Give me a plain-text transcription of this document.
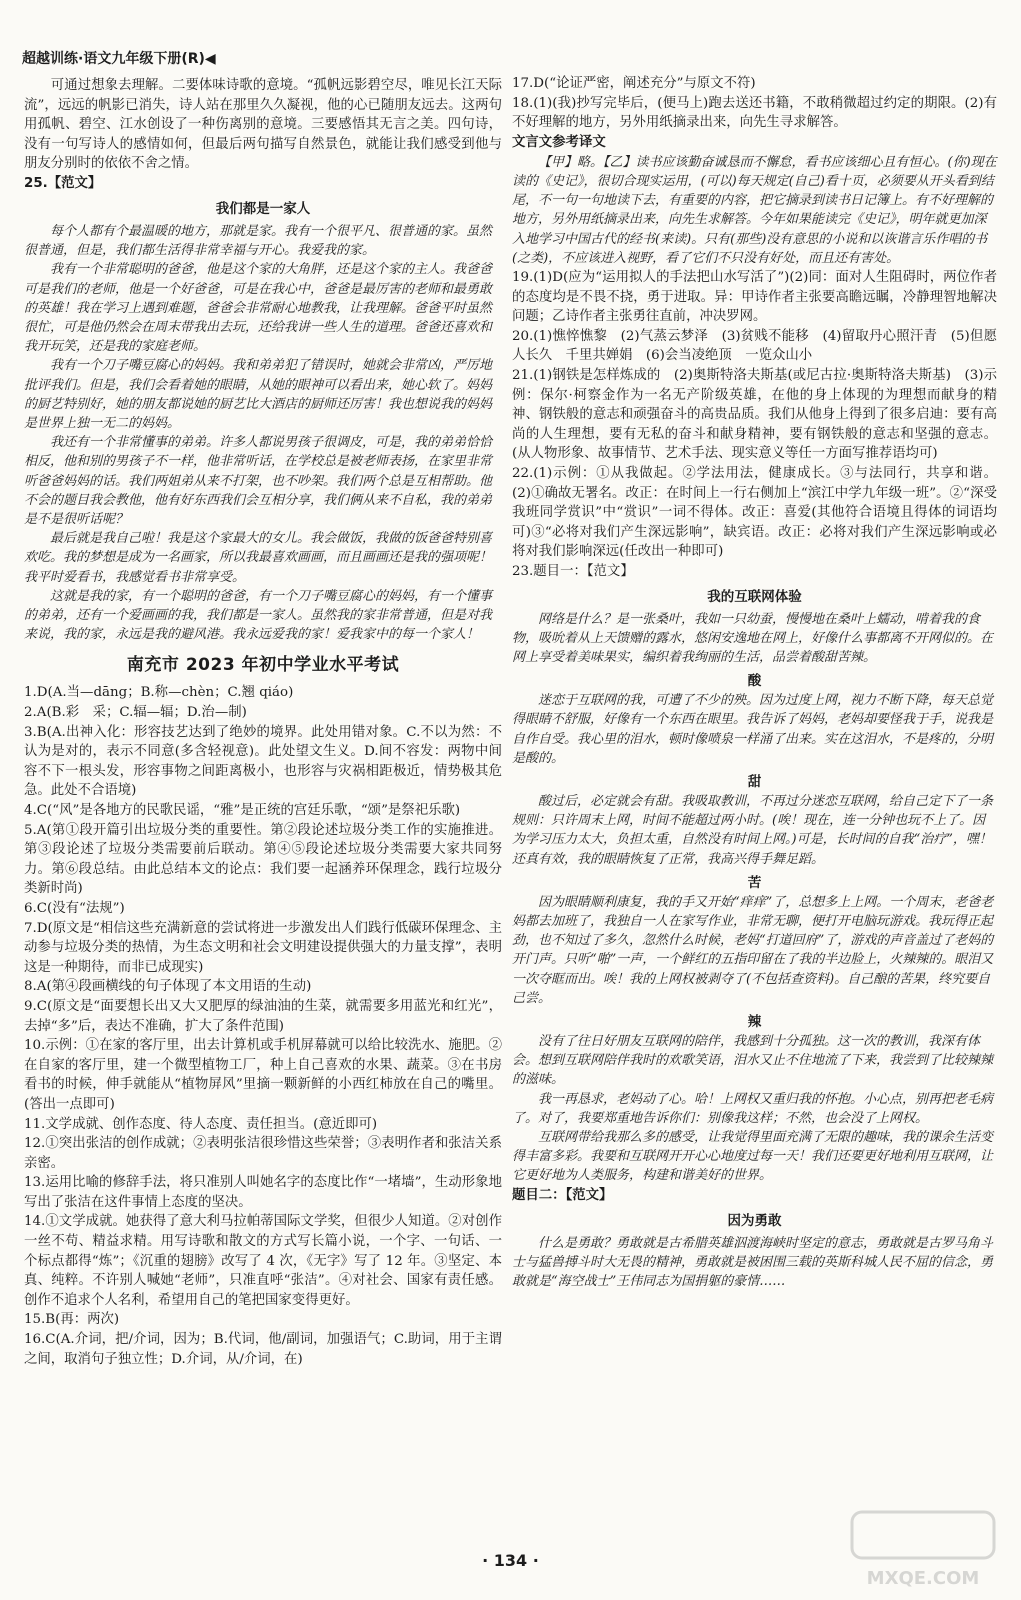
超越训练·语文九年级下册(R)◀

可通过想象去理解。二要体味诗歌的意境。“孤帆远影碧空尽，唯见长江天际流”，远远的帆影已消失，诗人站在那里久久凝视，他的心已随朋友远去。这两句用孤帆、碧空、江水创设了一种伤离别的意境。三要感悟其无言之美。四句诗，没有一句写诗人的感情如何，但最后两句描写自然景色，就能让我们感受到他与朋友分别时的依依不舍之情。

25.【范文】

我们都是一家人

每个人都有个最温暖的地方，那就是家。我有一个很平凡、很普通的家。虽然很普通，但是，我们都生活得非常幸福与开心。我爱我的家。

我有一个非常聪明的爸爸，他是这个家的大角胖，还是这个家的主人。我爸爸可是我们的老师，他是一个好爸爸，可是在我心中，爸爸是最厉害的老师和最勇敢的英雄！我在学习上遇到难题，爸爸会非常耐心地教我，让我理解。爸爸平时虽然很忙，可是他仍然会在周末带我出去玩，还给我讲一些人生的道理。爸爸还喜欢和我开玩笑，还是我的家庭老师。

我有一个刀子嘴豆腐心的妈妈。我和弟弟犯了错误时，她就会非常凶，严厉地批评我们。但是，我们会看着她的眼睛，从她的眼神可以看出来，她心软了。妈妈的厨艺特别好，她的朋友都说她的厨艺比大酒店的厨师还厉害！我也想说我的妈妈是世界上独一无二的妈妈。

我还有一个非常懂事的弟弟。许多人都说男孩子很调皮，可是，我的弟弟恰恰相反，他和别的男孩子不一样，他非常听话，在学校总是被老师表扬，在家里非常听爸爸妈妈的话。我们两姐弟从来不打架，也不吵架。我们两个总是互相帮助。他不会的题目我会教他，他有好东西我们会互相分享，我们俩从来不自私，我的弟弟是不是很听话呢？

最后就是我自己啦！我是这个家最大的女儿。我会做饭，我做的饭爸爸特别喜欢吃。我的梦想是成为一名画家，所以我最喜欢画画，而且画画还是我的强项呢！我平时爱看书，我感觉看书非常享受。

这就是我的家，有一个聪明的爸爸，有一个刀子嘴豆腐心的妈妈，有一个懂事的弟弟，还有一个爱画画的我，我们都是一家人。虽然我的家非常普通，但是对我来说，我的家，永远是我的避风港。我永远爱我的家！爱我家中的每一个家人！

南充市 2023 年初中学业水平考试

1.D(A.当—dāng；B.称—chèn；C.翘 qiáo)

2.A(B.彩　采；C.辐—辐；D.治—制)

3.B(A.出神入化：形容技艺达到了绝妙的境界。此处用错对象。C.不以为然：不认为是对的，表示不同意(多含轻视意)。此处望文生义。D.间不容发：两物中间容不下一根头发，形容事物之间距离极小，也形容与灾祸相距极近，情势极其危急。此处不合语境)

4.C(“风”是各地方的民歌民谣，“雅”是正统的宫廷乐歌，“颂”是祭祀乐歌)

5.A(第①段开篇引出垃圾分类的重要性。第②段论述垃圾分类工作的实施推进。第③段论述了垃圾分类需要前后联动。第④⑤段论述垃圾分类需要大家共同努力。第⑥段总结。由此总结本文的论点：我们要一起涵养环保理念，践行垃圾分类新时尚)

6.C(没有“法规”)

7.D(原文是“相信这些充满新意的尝试将进一步激发出人们践行低碳环保理念、主动参与垃圾分类的热情，为生态文明和社会文明建设提供强大的力量支撑”，表明这是一种期待，而非已成现实)

8.A(第④段画横线的句子体现了本文用语的生动)

9.C(原文是“面要想长出又大又肥厚的绿油油的生菜，就需要多用蓝光和红光”，去掉“多”后，表达不准确，扩大了条件范围)

10.示例：①在家的客厅里，出去计算机或手机屏幕就可以给比较洗水、施肥。②在自家的客厅里，建一个微型植物工厂，种上自己喜欢的水果、蔬菜。③在书房看书的时候，伸手就能从“植物屏风”里摘一颗新鲜的小西红柿放在自己的嘴里。(答出一点即可)

11.文学成就、创作态度、待人态度、责任担当。(意近即可)

12.①突出张洁的创作成就；②表明张洁很珍惜这些荣誉；③表明作者和张洁关系亲密。

13.运用比喻的修辞手法，将只准别人叫她名字的态度比作“一堵墙”，生动形象地写出了张洁在这件事情上态度的坚决。

14.①文学成就。她获得了意大利马拉帕蒂国际文学奖，但很少人知道。②对创作一丝不苟、精益求精。用写诗歌和散文的方式写长篇小说，一个字、一句话、一个标点都得“炼”；《沉重的翅膀》改写了 4 次，《无字》写了 12 年。③坚定、本真、纯粹。不许别人喊她“老师”，只准直呼“张洁”。④对社会、国家有责任感。创作不追求个人名利，希望用自己的笔把国家变得更好。

15.B(再：两次)

16.C(A.介词，把/介词，因为；B.代词，他/副词，加强语气；C.助词，用于主谓之间，取消句子独立性；D.介词，从/介词，在)

17.D(“论证严密，阐述充分”与原文不符)

18.(1)(我)抄写完毕后，(便马上)跑去送还书籍，不敢稍微超过约定的期限。(2)有不好理解的地方，另外用纸摘录出来，向先生寻求解答。

文言文参考译文

【甲】略。【乙】读书应该勤奋诚恳而不懈怠，看书应该细心且有恒心。(你)现在读的《史记》，很切合现实运用，(可以)每天规定(自己)看十页，必须要从开头看到结尾，不一句一句地读下去，有重要的内容，把它摘录到读书日记簿上。有不好理解的地方，另外用纸摘录出来，向先生求解答。今年如果能读完《史记》，明年就更加深入地学习中国古代的经书(来读)。只有(那些)没有意思的小说和以诙谐言乐作唱的书(之类)，不应该进入视野，看了它们不只没有好处，而且还有害处。

19.(1)D(应为“运用拟人的手法把山水写活了”)(2)同：面对人生阻碍时，两位作者的态度均是不畏不挠，勇于进取。异：甲诗作者主张要高瞻远瞩，冷静理智地解决问题；乙诗作者主张勇往直前，冲决罗网。

20.(1)憔悴憔黎　(2)气蒸云梦泽　(3)贫贱不能移　(4)留取丹心照汗青　(5)但愿人长久　千里共婵娟　(6)会当凌绝顶　一览众山小

21.(1)钢铁是怎样炼成的　(2)奥斯特洛夫斯基(或尼古拉·奥斯特洛夫斯基)　(3)示例：保尔·柯察金作为一名无产阶级英雄，在他的身上体现的为理想而献身的精神、钢铁般的意志和顽强奋斗的高贵品质。我们从他身上得到了很多启迪：要有高尚的人生理想，要有无私的奋斗和献身精神，要有钢铁般的意志和坚强的意志。(从人物形象、故事情节、艺术手法、现实意义等任一方面写推荐语均可)

22.(1)示例：①从我做起。②学法用法，健康成长。③与法同行，共享和谐。(2)①确故无署名。改正：在时间上一行右侧加上“滨江中学九年级一班”。②“深受我班同学赏识”中“赏识”一词不得体。改正：喜爱(其他符合语境且得体的词语均可)③“必将对我们产生深远影响”，缺宾语。改正：必将对我们产生深远影响或必将对我们影响深远(任改出一种即可)

23.题目一：【范文】

我的互联网体验

网络是什么？是一张桑叶，我如一只幼蚕，慢慢地在桑叶上蠕动，啃着我的食物，吸吮着从上天馈赠的露水，悠闲安逸地在网上，好像什么事都离不开网似的。在网上享受着美味果实，编织着我绚丽的生活，品尝着酸甜苦辣。

酸

迷恋于互联网的我，可遭了不少的殃。因为过度上网，视力不断下降，每天总觉得眼睛不舒服，好像有一个东西在眼里。我告诉了妈妈，老妈却要怪我于手，说我是自作自受。我心里的泪水，顿时像喷泉一样涌了出来。实在这泪水，不是疼的，分明是酸的。

甜

酸过后，必定就会有甜。我吸取教训，不再过分迷恋互联网，给自己定下了一条规则：只许周末上网，时间不能超过两小时。(唉！现在，连一分钟也玩不上了。因为学习压力太大，负担太重，自然没有时间上网。)可是，长时间的自我“治疗”，嘿！还真有效，我的眼睛恢复了正常，我高兴得手舞足蹈。

苦

因为眼睛顺利康复，我的手又开始“痒痒”了，总想多上上网。一个周末，老爸老妈都去加班了，我独自一人在家写作业，非常无聊，便打开电脑玩游戏。我玩得正起劲，也不知过了多久，忽然什么时候，老妈“打道回府”了，游戏的声音盖过了老妈的开门声。只听“啪”一声，一个鲜红的五指印留在了我的半边脸上，火辣辣的。眼泪又一次夺眶而出。唉！我的上网权被剥夺了(不包括查资料)。自己酿的苦果，终究要自己尝。

辣

没有了往日好朋友互联网的陪伴，我感到十分孤独。这一次的教训，我深有体会。想到互联网陪伴我时的欢歌笑语，泪水又止不住地流了下来，我尝到了比较辣辣的滋味。

我一再恳求，老妈动了心。哈！上网权又重归我的怀抱。小心点，别再把老毛病了。对了，我要郑重地告诉你们：别像我这样；不然，也会没了上网权。

互联网带给我那么多的感受，让我觉得里面充满了无限的趣味，我的课余生活变得丰富多彩。我要和互联网开开心心地度过每一天！我们还要更好地利用互联网，让它更好地为人类服务，构建和谐美好的世界。

题目二：【范文】

因为勇敢

什么是勇敢？勇敢就是古希腊英雄泅渡海峡时坚定的意志，勇敢就是古罗马角斗士与猛兽搏斗时大无畏的精神，勇敢就是被困围三载的英斯科城人民不屈的信念，勇敢就是“海空战士”王伟同志为国捐躯的豪情……

· 134 ·
MXQE.COM
